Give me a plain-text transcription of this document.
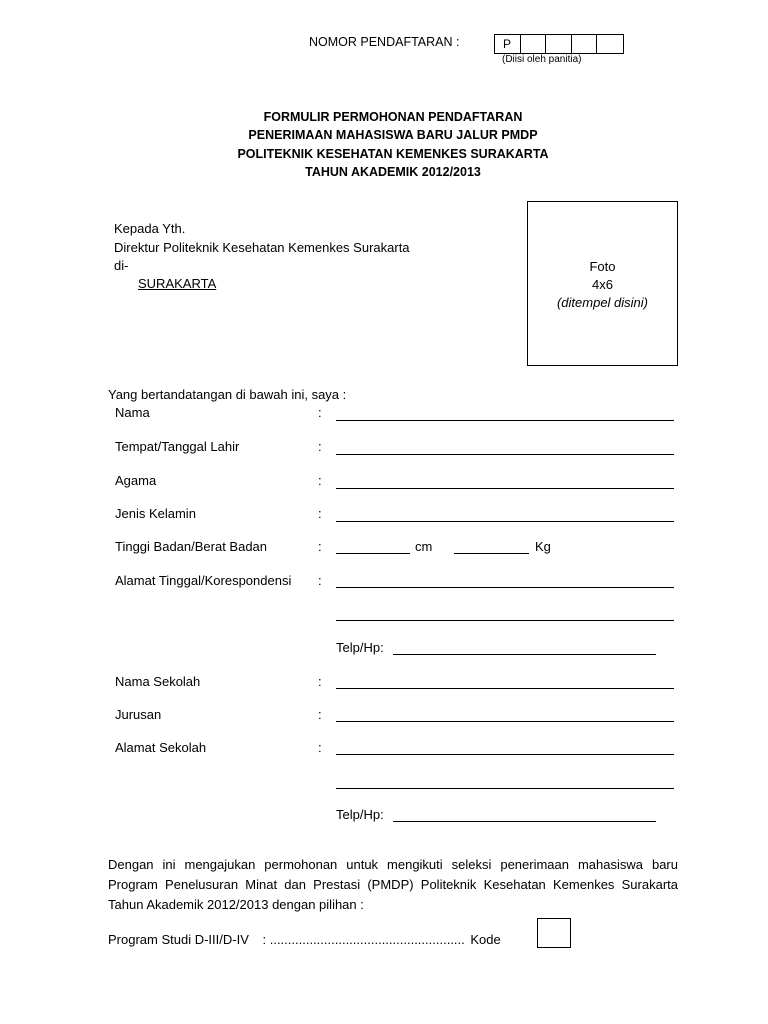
NOMOR PENDAFTARAN :	P
(Diisi oleh panitia)
FORMULIR PERMOHONAN PENDAFTARAN
PENERIMAAN MAHASISWA BARU JALUR PMDP
POLITEKNIK KESEHATAN KEMENKES SURAKARTA
TAHUN AKADEMIK 2012/2013
Kepada Yth.
Direktur Politeknik Kesehatan Kemenkes Surakarta
di-
SURAKARTA
Foto
4x6
(ditempel disini)
Yang bertandatangan di bawah ini, saya :
Nama	:
Tempat/Tanggal Lahir	:
Agama	:
Jenis Kelamin	:
Tinggi Badan/Berat Badan	:	cm	Kg
Alamat Tinggal/Korespondensi :
Telp/Hp:
Nama Sekolah	:
Jurusan	:
Alamat Sekolah	:
Telp/Hp:
Dengan ini mengajukan permohonan untuk mengikuti seleksi penerimaan mahasiswa baru Program Penelusuran Minat dan Prestasi (PMDP) Politeknik Kesehatan Kemenkes Surakarta Tahun Akademik 2012/2013 dengan pilihan :
Program Studi D-III/D-IV : ...................................................... Kode
